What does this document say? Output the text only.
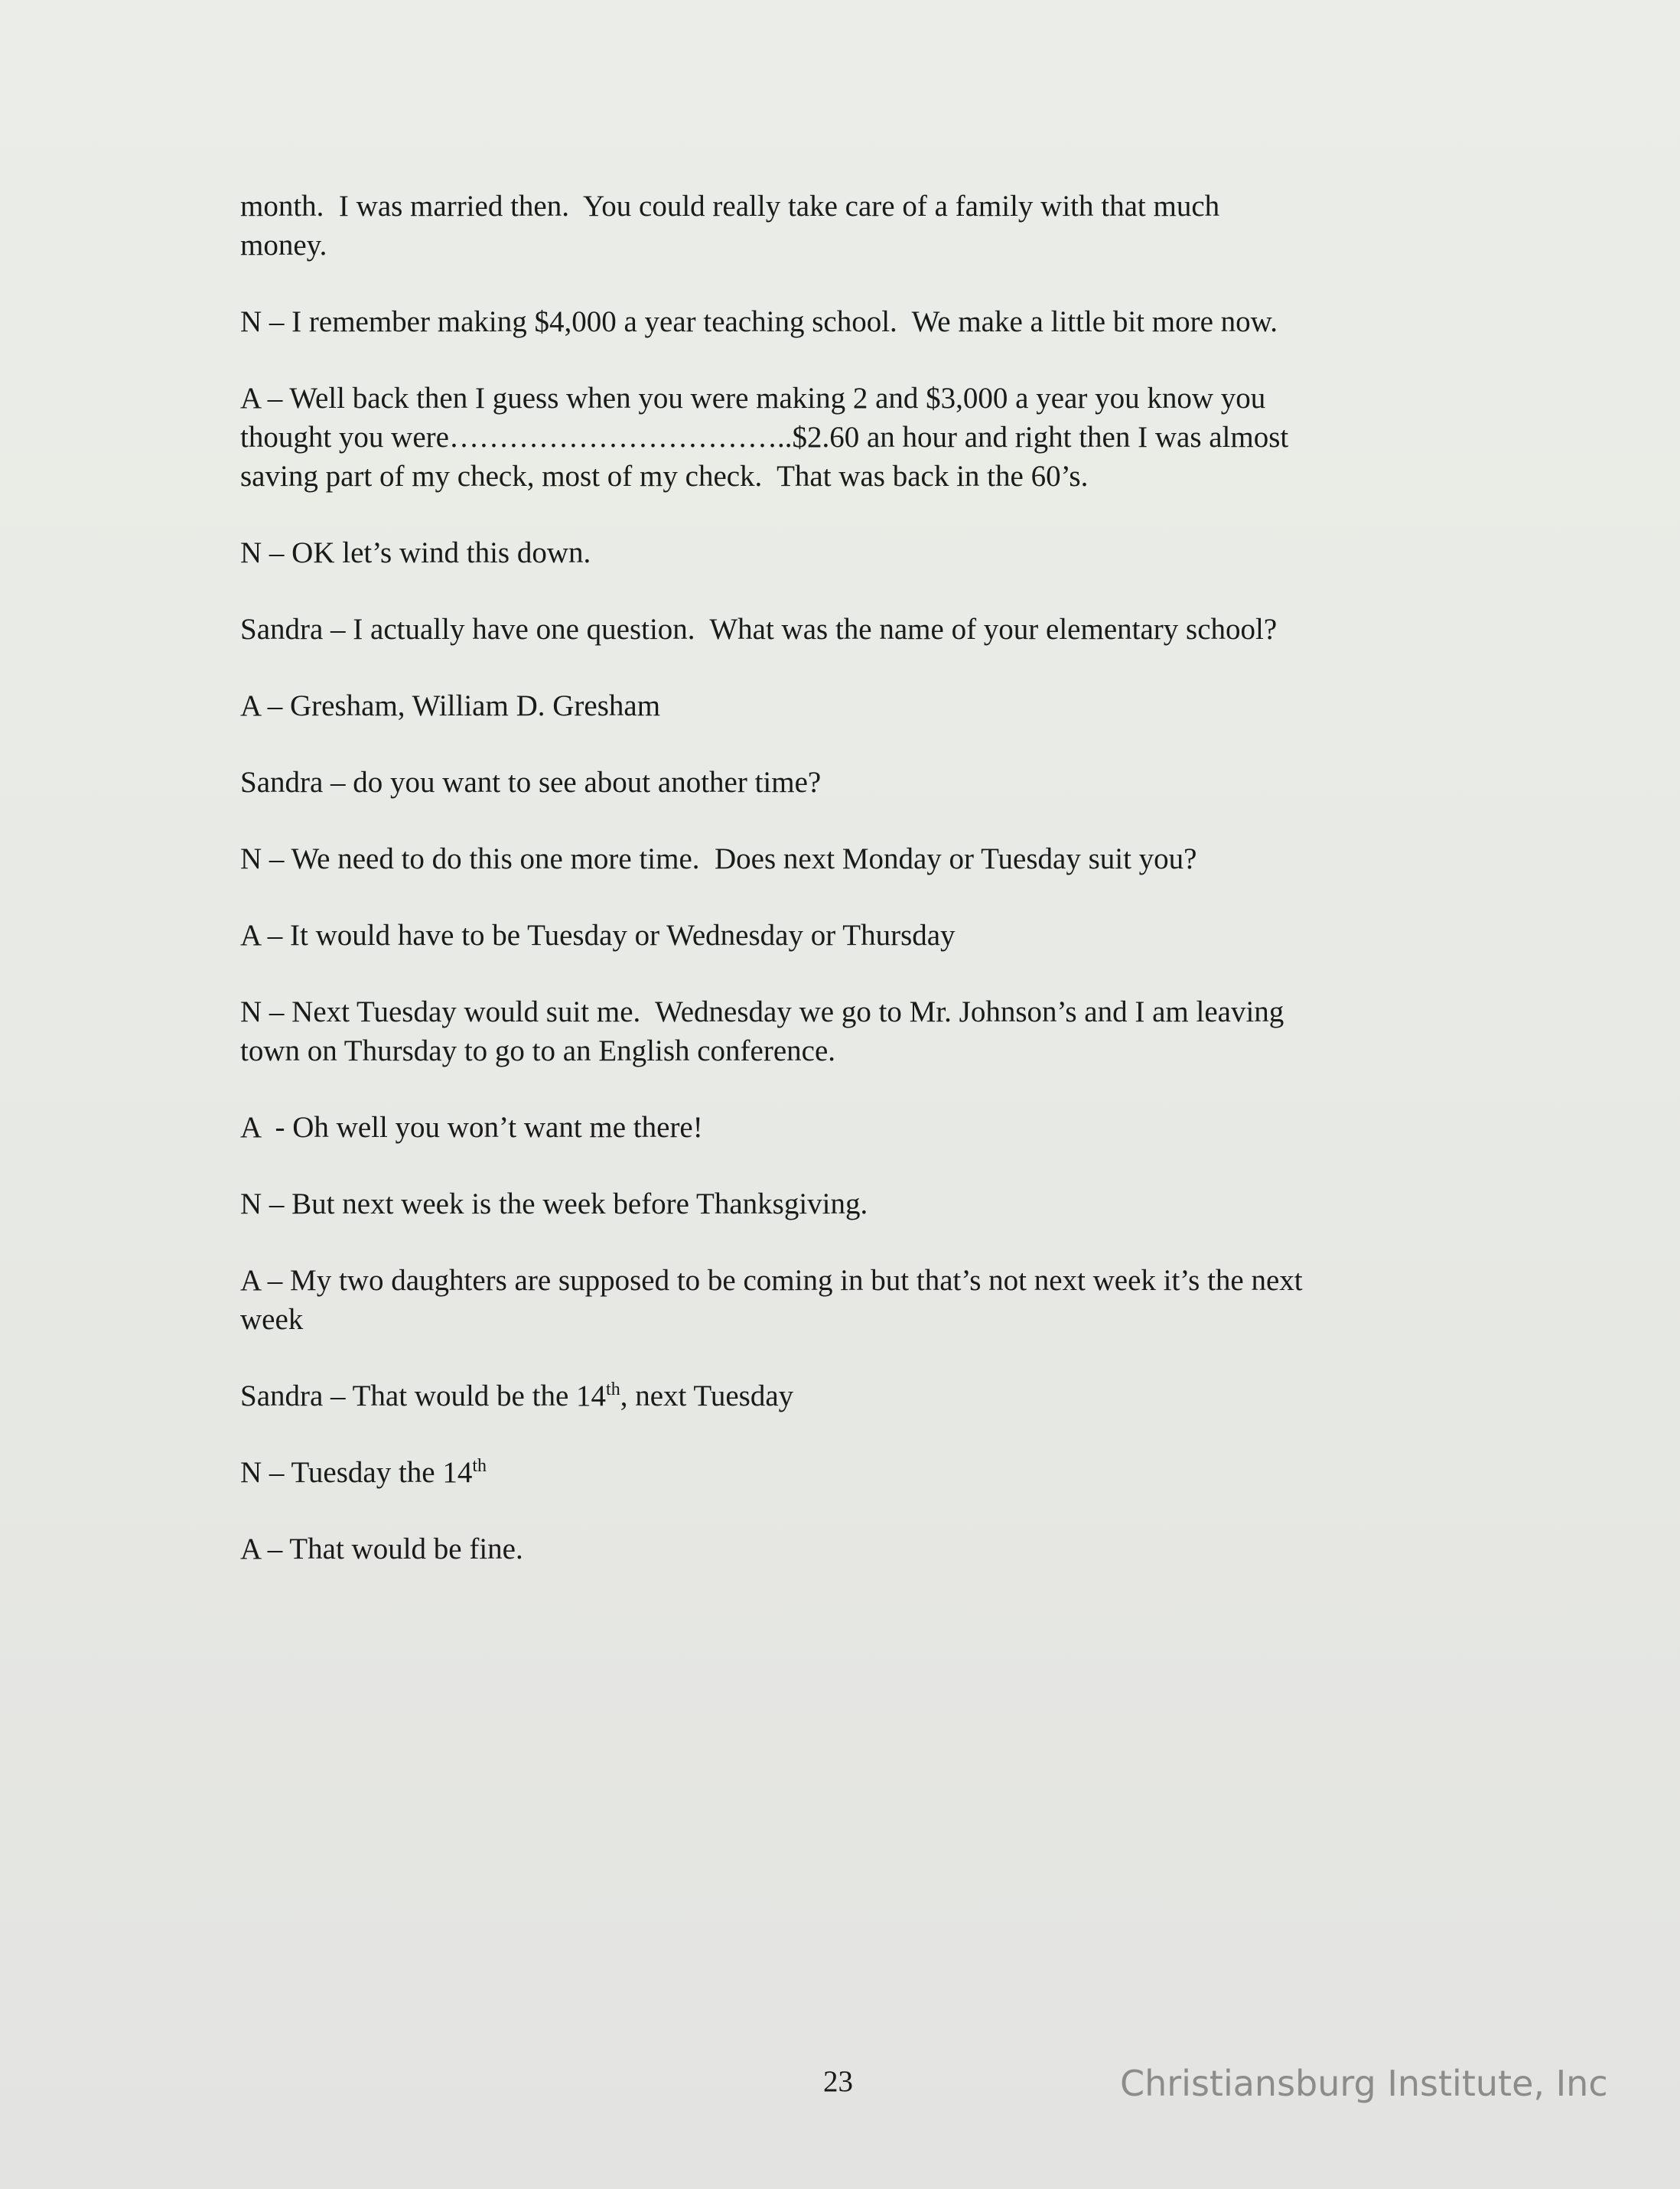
month.  I was married then.  You could really take care of a family with that much
money.

N – I remember making $4,000 a year teaching school.  We make a little bit more now.

A – Well back then I guess when you were making 2 and $3,000 a year you know you
thought you were……………………………..$2.60 an hour and right then I was almost
saving part of my check, most of my check.  That was back in the 60’s.

N – OK let’s wind this down.

Sandra – I actually have one question.  What was the name of your elementary school?

A – Gresham, William D. Gresham

Sandra – do you want to see about another time?

N – We need to do this one more time.  Does next Monday or Tuesday suit you?

A – It would have to be Tuesday or Wednesday or Thursday

N – Next Tuesday would suit me.  Wednesday we go to Mr. Johnson’s and I am leaving
town on Thursday to go to an English conference.

A  - Oh well you won’t want me there!

N – But next week is the week before Thanksgiving.

A – My two daughters are supposed to be coming in but that’s not next week it’s the next
week

Sandra – That would be the 14th, next Tuesday

N – Tuesday the 14th

A – That would be fine.

23	Christiansburg Institute, Inc
